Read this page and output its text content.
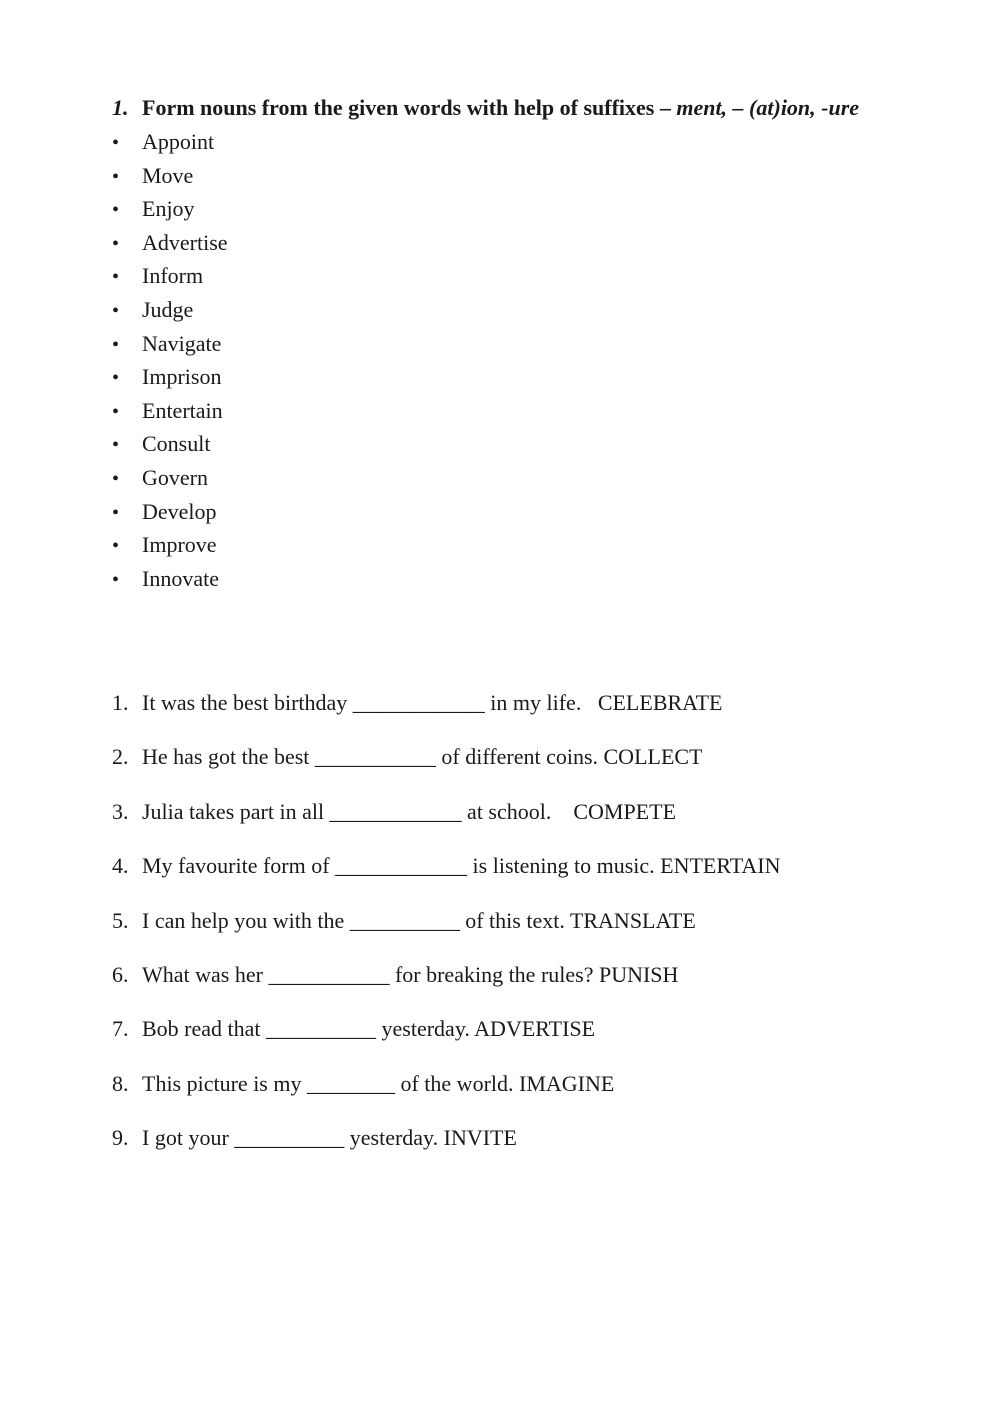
1. Form nouns from the given words with help of suffixes – ment, – (at)ion, -ure
• Appoint
• Move
• Enjoy
• Advertise
• Inform
• Judge
• Navigate
• Imprison
• Entertain
• Consult
• Govern
• Develop
• Improve
• Innovate
1. It was the best birthday ____________ in my life.   CELEBRATE
2. He has got the best ___________ of different coins. COLLECT
3. Julia takes part in all ____________ at school.    COMPETE
4. My favourite form of ____________ is listening to music. ENTERTAIN
5. I can help you with the __________ of this text. TRANSLATE
6. What was her ___________ for breaking the rules? PUNISH
7. Bob read that __________ yesterday. ADVERTISE
8. This picture is my ________ of the world. IMAGINE
9. I got your __________ yesterday. INVITE
